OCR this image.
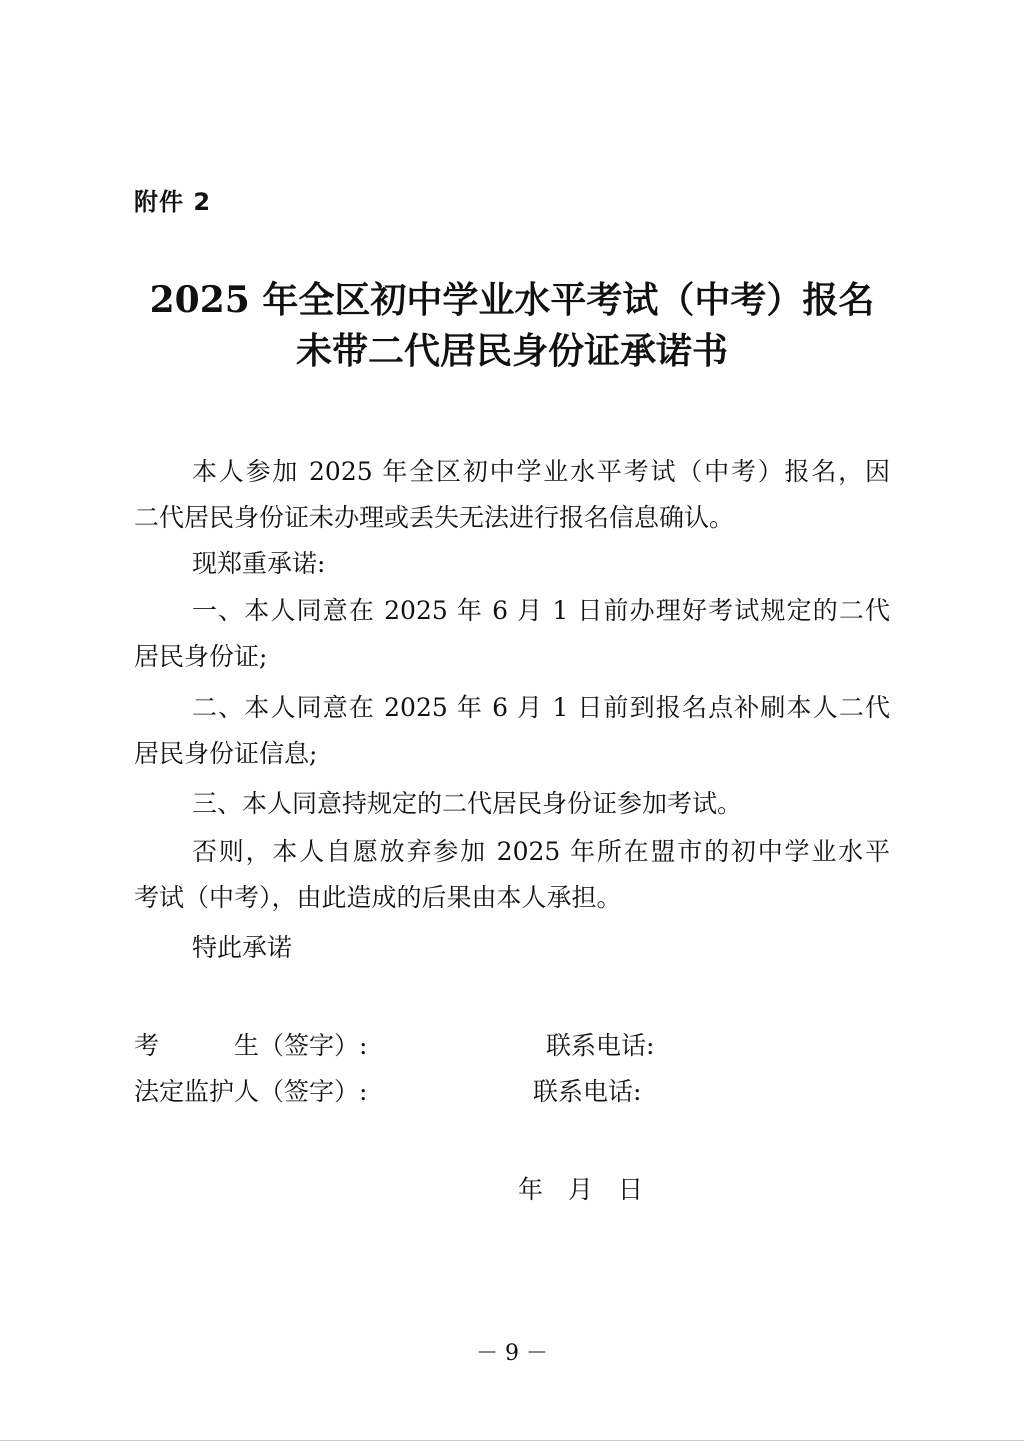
附件 2
2025 年全区初中学业水平考试（中考）报名
未带二代居民身份证承诺书
本人参加 2025 年全区初中学业水平考试（中考）报名，因
二代居民身份证未办理或丢失无法进行报名信息确认。
现郑重承诺:
一、本人同意在 2025 年 6 月 1 日前办理好考试规定的二代
居民身份证;
二、本人同意在 2025 年 6 月 1 日前到报名点补刷本人二代
居民身份证信息;
三、本人同意持规定的二代居民身份证参加考试。
否则，本人自愿放弃参加 2025 年所在盟市的初中学业水平
考试（中考），由此造成的后果由本人承担。
特此承诺
考　　　生（签字）:	联系电话:
法定监护人（签字）:	联系电话:
年　月　日
－ 9 －
